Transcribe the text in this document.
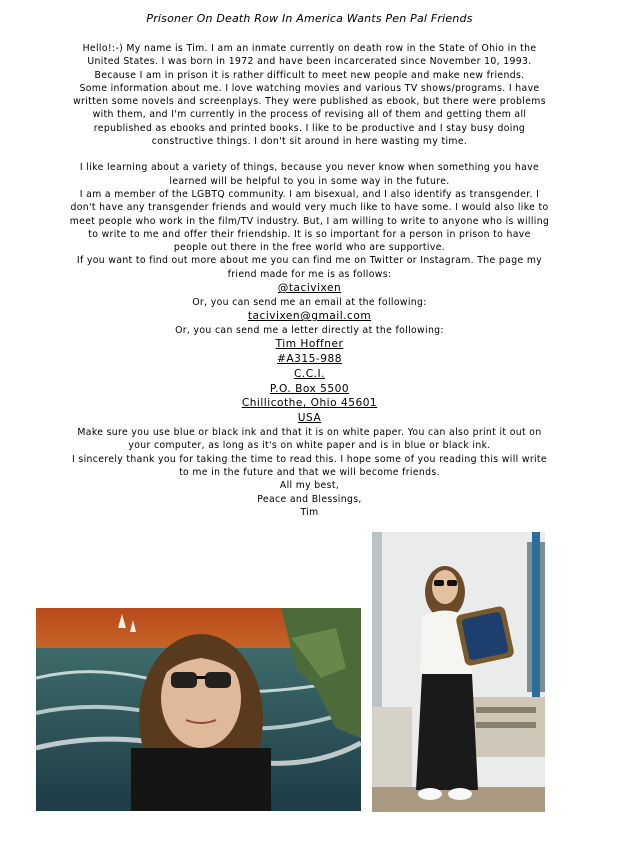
Prisoner On Death Row In America Wants Pen Pal Friends

Hello!:-) My name is Tim. I am an inmate currently on death row in the State of Ohio in the

United States. I was born in 1972 and have been incarcerated since November 10, 1993.

Because I am in prison it is rather difficult to meet new people and make new friends.

Some information about me. I love watching movies and various TV shows/programs. I have

written some novels and screenplays. They were published as ebook, but there were problems

with them, and I'm currently in the process of revising all of them and getting them all

republished as ebooks and printed books. I like to be productive and I stay busy doing

constructive things. I don't sit around in here wasting my time.

I like learning about a variety of things, because you never know when something you have

learned will be helpful to you in some way in the future.

I am a member of the LGBTQ community. I am bisexual, and I also identify as transgender. I

don't have any transgender friends and would very much like to have some. I would also like to

meet people who work in the film/TV industry. But, I am willing to write to anyone who is willing

to write to me and offer their friendship. It is so important for a person in prison to have

people out there in the free world who are supportive.

If you want to find out more about me you can find me on Twitter or Instagram. The page my

friend made for me is as follows:

@tacivixen

Or, you can send me an email at the following:

tacivixen@gmail.com

Or, you can send me a letter directly at the following:

Tim Hoffner

#A315-988

C.C.I.

P.O. Box 5500

Chillicothe, Ohio 45601

USA

Make sure you use blue or black ink and that it is on white paper. You can also print it out on

your computer, as long as it's on white paper and is in blue or black ink.

I sincerely thank you for taking the time to read this. I hope some of you reading this will write

to me in the future and that we will become friends.

All my best,

Peace and Blessings,

Tim
